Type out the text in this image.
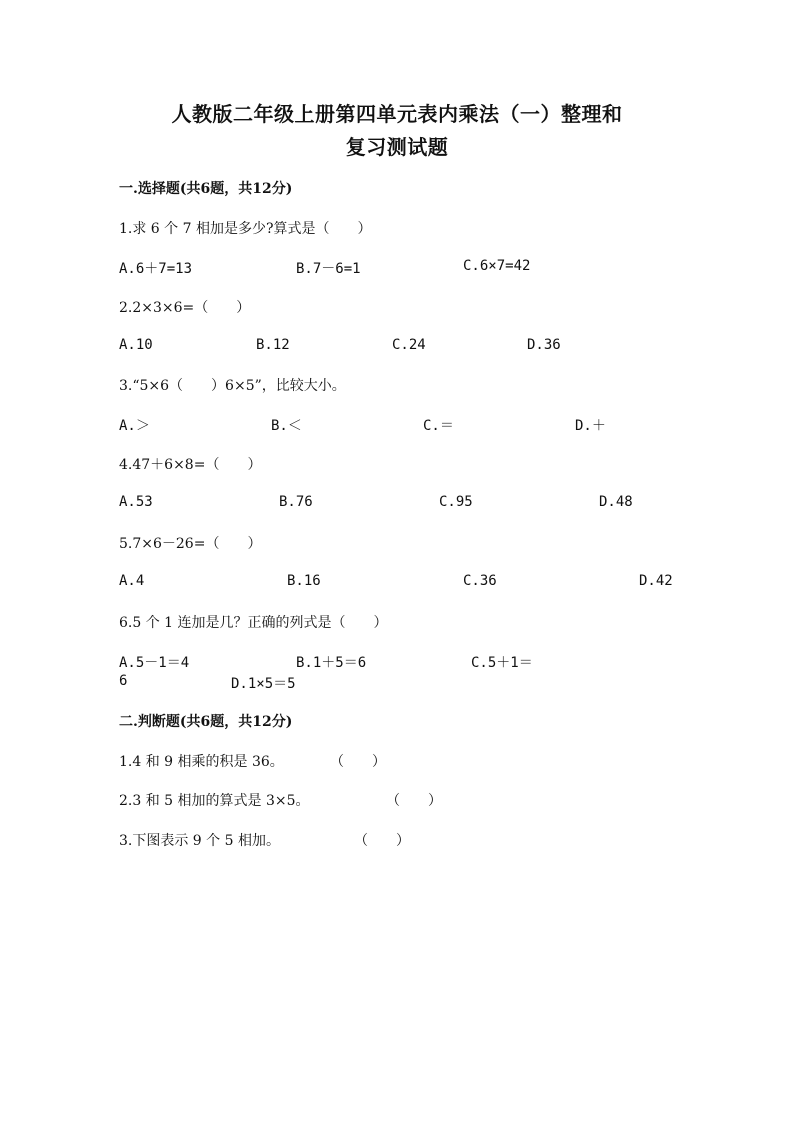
人教版二年级上册第四单元表内乘法（一）整理和
复习测试题
一.选择题(共6题，共12分)
1.求 6 个 7 相加是多少?算式是（　　）
A.6＋7=13	B.7－6=1	C.6×7=42
2.2×3×6=（　　）
A.10	B.12	C.24	D.36
3.“5×6（　　）6×5”，比较大小。
A.＞	B.＜	C.＝	D.＋
4.47＋6×8=（　　）
A.53	B.76	C.95	D.48
5.7×6－26=（　　）
A.4	B.16	C.36	D.42
6.5 个 1 连加是几？正确的列式是（　　）
A.5－1＝4	B.1＋5＝6	C.5＋1＝
6	D.1×5＝5
二.判断题(共6题，共12分)
1.4 和 9 相乘的积是 36。	（　　）
2.3 和 5 相加的算式是 3×5。	（　　）
3.下图表示 9 个 5 相加。	（　　）
